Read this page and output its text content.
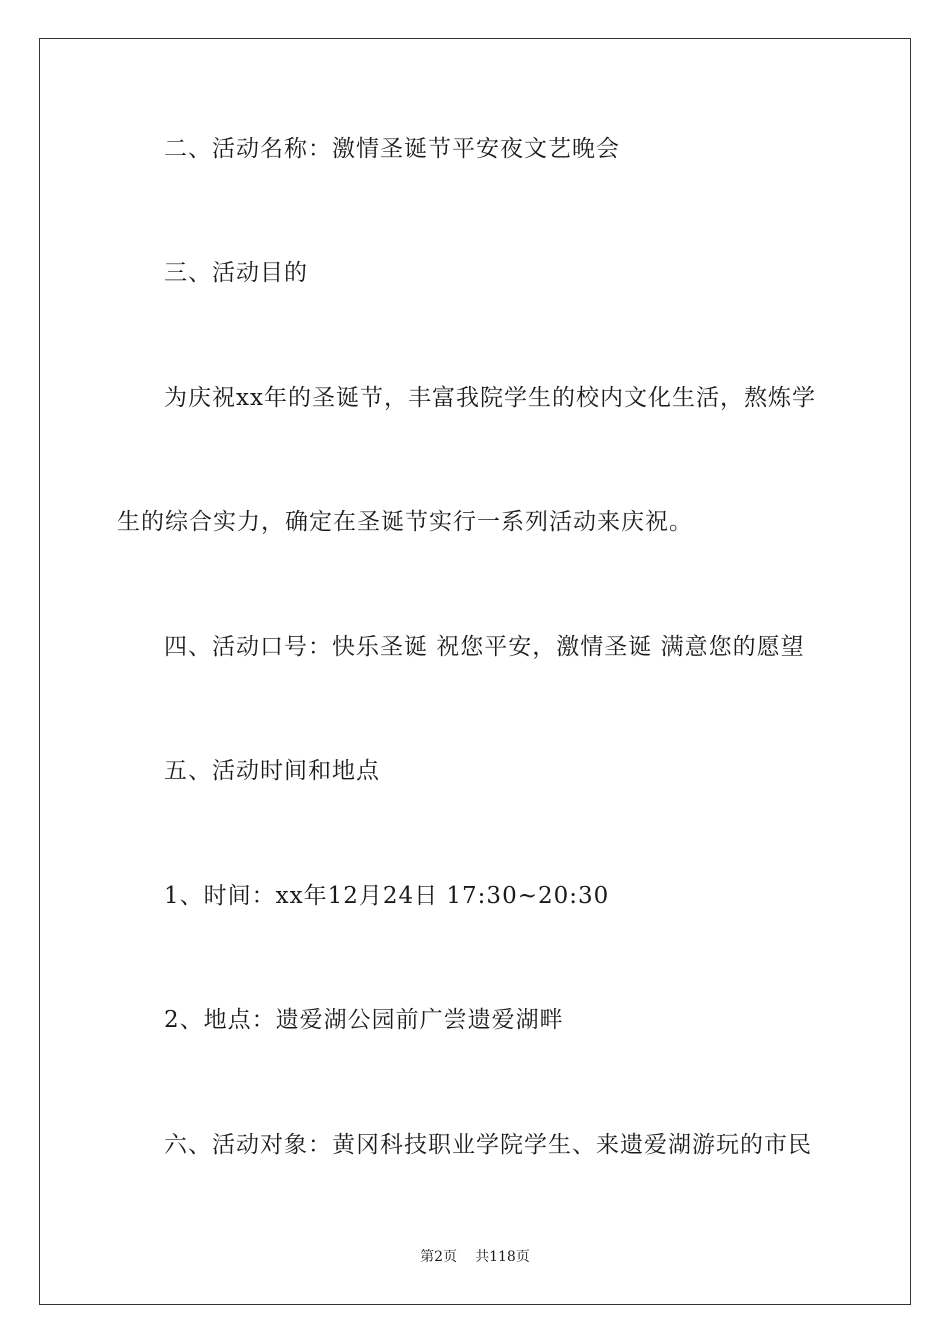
二、活动名称：激情圣诞节平安夜文艺晚会
三、活动目的

为庆祝xx年的圣诞节，丰富我院学生的校内文化生活，熬炼学

生的综合实力，确定在圣诞节实行一系列活动来庆祝。

四、活动口号：快乐圣诞 祝您平安，激情圣诞 满意您的愿望
五、活动时间和地点

1、时间：xx年12月24日 17:30~20:30

2、地点：遗爱湖公园前广尝遗爱湖畔

六、活动对象：黄冈科技职业学院学生、来遗爱湖游玩的市民
第2页 共118页
